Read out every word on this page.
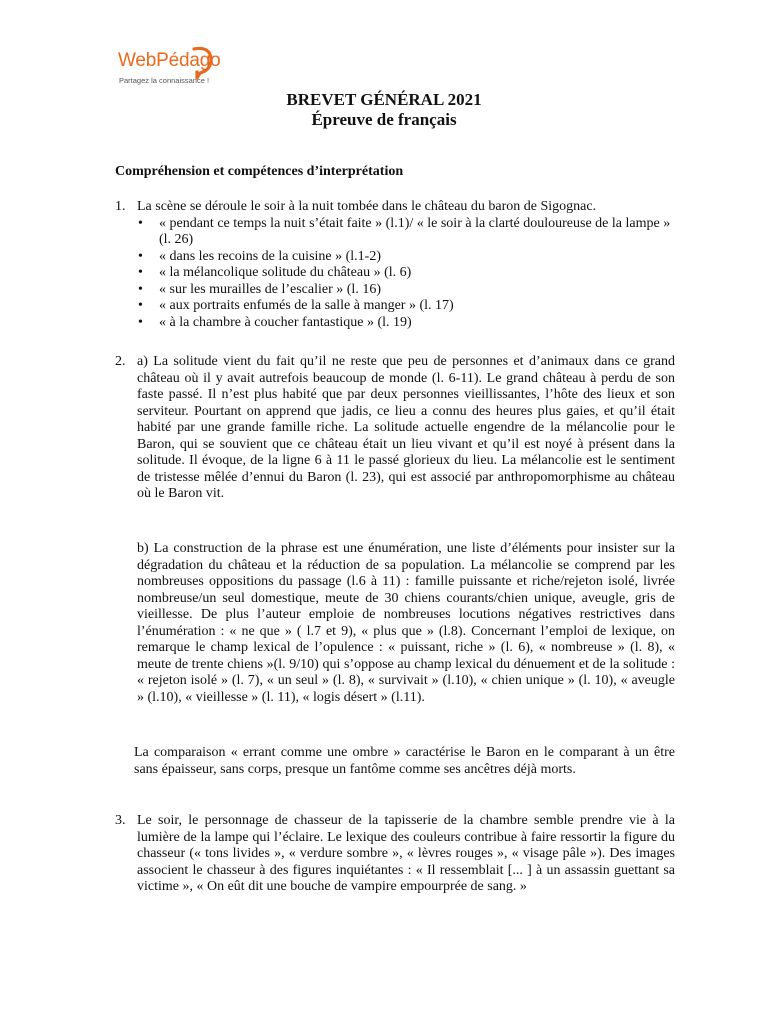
WebPédago
Partagez la connaissance !
BREVET GÉNÉRAL 2021
Épreuve de français
Compréhension et compétences d’interprétation
1. La scène se déroule le soir à la nuit tombée dans le château du baron de Sigognac.

• « pendant ce temps la nuit s’était faite » (l.1)/ « le soir à la clarté douloureuse de la lampe » (l. 26)
• « dans les recoins de la cuisine » (l.1-2)
• « la mélancolique solitude du château » (l. 6)
• « sur les murailles de l’escalier » (l. 16)
• « aux portraits enfumés de la salle à manger » (l. 17)
• « à la chambre à coucher fantastique » (l. 19)
2. a) La solitude vient du fait qu’il ne reste que peu de personnes et d’animaux dans ce grand château où il y avait autrefois beaucoup de monde (l. 6-11). Le grand château à perdu de son faste passé. Il n’est plus habité que par deux personnes vieillissantes, l’hôte des lieux et son serviteur. Pourtant on apprend que jadis, ce lieu a connu des heures plus gaies, et qu’il était habité par une grande famille riche. La solitude actuelle engendre de la mélancolie pour le Baron, qui se souvient que ce château était un lieu vivant et qu’il est noyé à présent dans la solitude. Il évoque, de la ligne 6 à 11 le passé glorieux du lieu. La mélancolie est le sentiment de tristesse mêlée d’ennui du Baron (l. 23), qui est associé par anthropomorphisme au château où le Baron vit.

b) La construction de la phrase est une énumération, une liste d’éléments pour insister sur la dégradation du château et la réduction de sa population. La mélancolie se comprend par les nombreuses oppositions du passage (l.6 à 11) : famille puissante et riche/rejeton isolé, livrée nombreuse/un seul domestique, meute de 30 chiens courants/chien unique, aveugle, gris de vieillesse. De plus l’auteur emploie de nombreuses locutions négatives restrictives dans l’énumération : « ne que » ( l.7 et 9), « plus que » (l.8). Concernant l’emploi de lexique, on remarque le champ lexical de l’opulence : « puissant, riche » (l. 6), « nombreuse » (l. 8), « meute de trente chiens »(l. 9/10) qui s’oppose au champ lexical du dénuement et de la solitude : « rejeton isolé » (l. 7), « un seul » (l. 8), « survivait » (l.10), « chien unique » (l. 10), « aveugle » (l.10), « vieillesse » (l. 11), « logis désert » (l.11).

La comparaison « errant comme une ombre » caractérise le Baron en le comparant à un être sans épaisseur, sans corps, presque un fantôme comme ses ancêtres déjà morts.

3. Le soir, le personnage de chasseur de la tapisserie de la chambre semble prendre vie à la lumière de la lampe qui l’éclaire. Le lexique des couleurs contribue à faire ressortir la figure du chasseur (« tons livides », « verdure sombre », « lèvres rouges », « visage pâle »). Des images associent le chasseur à des figures inquiétantes : « Il ressemblait [... ] à un assassin guettant sa victime », « On eût dit une bouche de vampire empourprée de sang. »
